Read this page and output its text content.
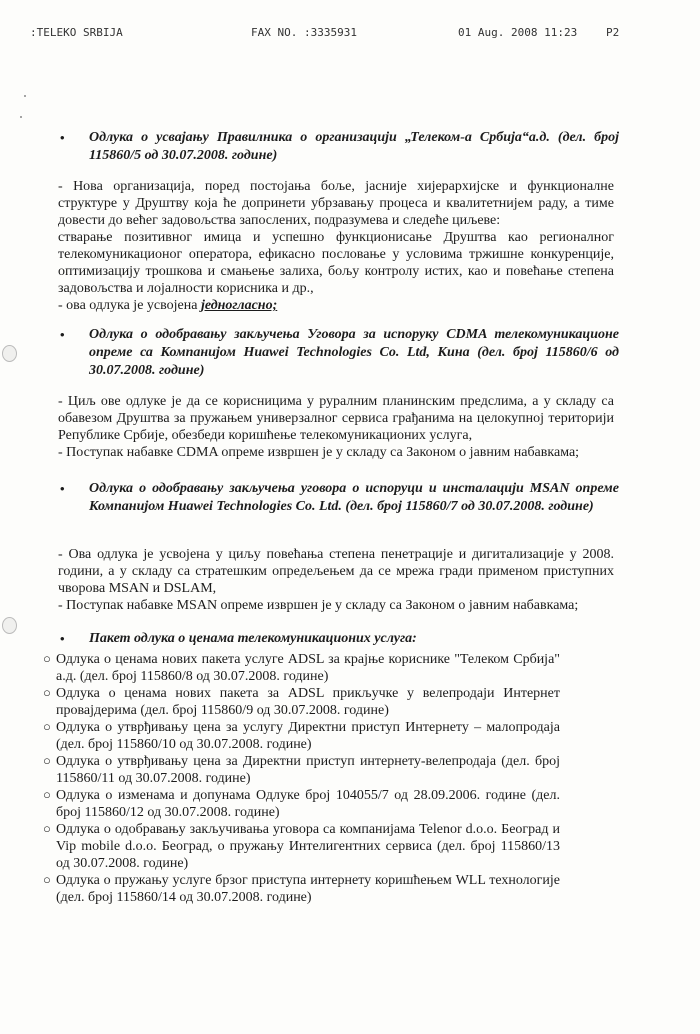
:TELEKO SRBIJA	FAX NO. :3335931	01 Aug. 2008 11:23	P2
• Одлука о усвајању Правилника о организацији „Телеком-а Србија“а.д. (дел. број 115860/5 од 30.07.2008. године)
- Нова организација, поред постојања боље, јасније хијерархијске и функционалне структуре у Друштву која ће допринети убрзавању процеса и квалитетнијем раду, а тиме довести до већег задовољства запослених, подразумева и следеће циљеве:
стварање позитивног имица и успешно функционисање Друштва као регионалног телекомуникационог оператора, ефикасно пословање у условима тржишне конкуренције, оптимизацију трошкова и смањење залиха, бољу контролу истих, као и повећање степена задовољства и лојалности корисника и др.,
- ова одлука је усвојена једногласно;
• Одлука о одобравању закључења Уговора за испоруку CDMA телекомуникационе опреме са Компанијом Huawei Technologies Co. Ltd, Кина (дел. број 115860/6 од 30.07.2008. године)
- Циљ ове одлуке је да се корисницима у руралним планинским предслима, а у складу са обавезом Друштва за пружањем универзалног сервиса грађанима на целокупној територији Републике Србије, обезбеди коришћење телекомуникационих услуга,
- Поступак набавке CDMA опреме извршен је у складу са Законом о јавним набавкама;
• Одлука о одобравању закључења уговора о испоруци и инсталацији MSAN опреме Компанијом Huawei Technologies Co. Ltd. (дел. број 115860/7 од 30.07.2008. године)
- Ова одлука је усвојена у циљу повећања степена пенетрације и дигитализације у 2008. години, а у складу са стратешким опредељењем да се мрежа гради применом приступних чворова MSAN и DSLAM,
- Поступак набавке MSAN опреме извршен је у складу са Законом о јавним набавкама;
• Пакет одлука о ценама телекомуникационих услуга:
○ Одлука о ценама нових пакета услуге ADSL за крајње кориснике "Телеком Србија" а.д. (дел. број 115860/8 од 30.07.2008. године)
○ Одлука о ценама нових пакета за ADSL прикључке у велепродаји Интернет провајдерима (дел. број 115860/9 од 30.07.2008. године)
○ Одлука о утврђивању цена за услугу Директни приступ Интернету – малопродаја (дел. број 115860/10 од 30.07.2008. године)
○ Одлука о утврђивању цена за Директни приступ интернету-велепродаја (дел. број 115860/11 од 30.07.2008. године)
○ Одлука о изменама и допунама Одлуке број 104055/7 од 28.09.2006. године (дел. број 115860/12 од 30.07.2008. године)
○ Одлука о одобравању закључивања уговора са компанијама Telenor d.o.o. Београд и Vip mobile d.o.o. Београд, о пружању Интелигентних сервиса (дел. број 115860/13 од 30.07.2008. године)
○ Одлука о пружању услуге брзог приступа интернету коришћењем WLL технологије (дел. број 115860/14 од 30.07.2008. године)
